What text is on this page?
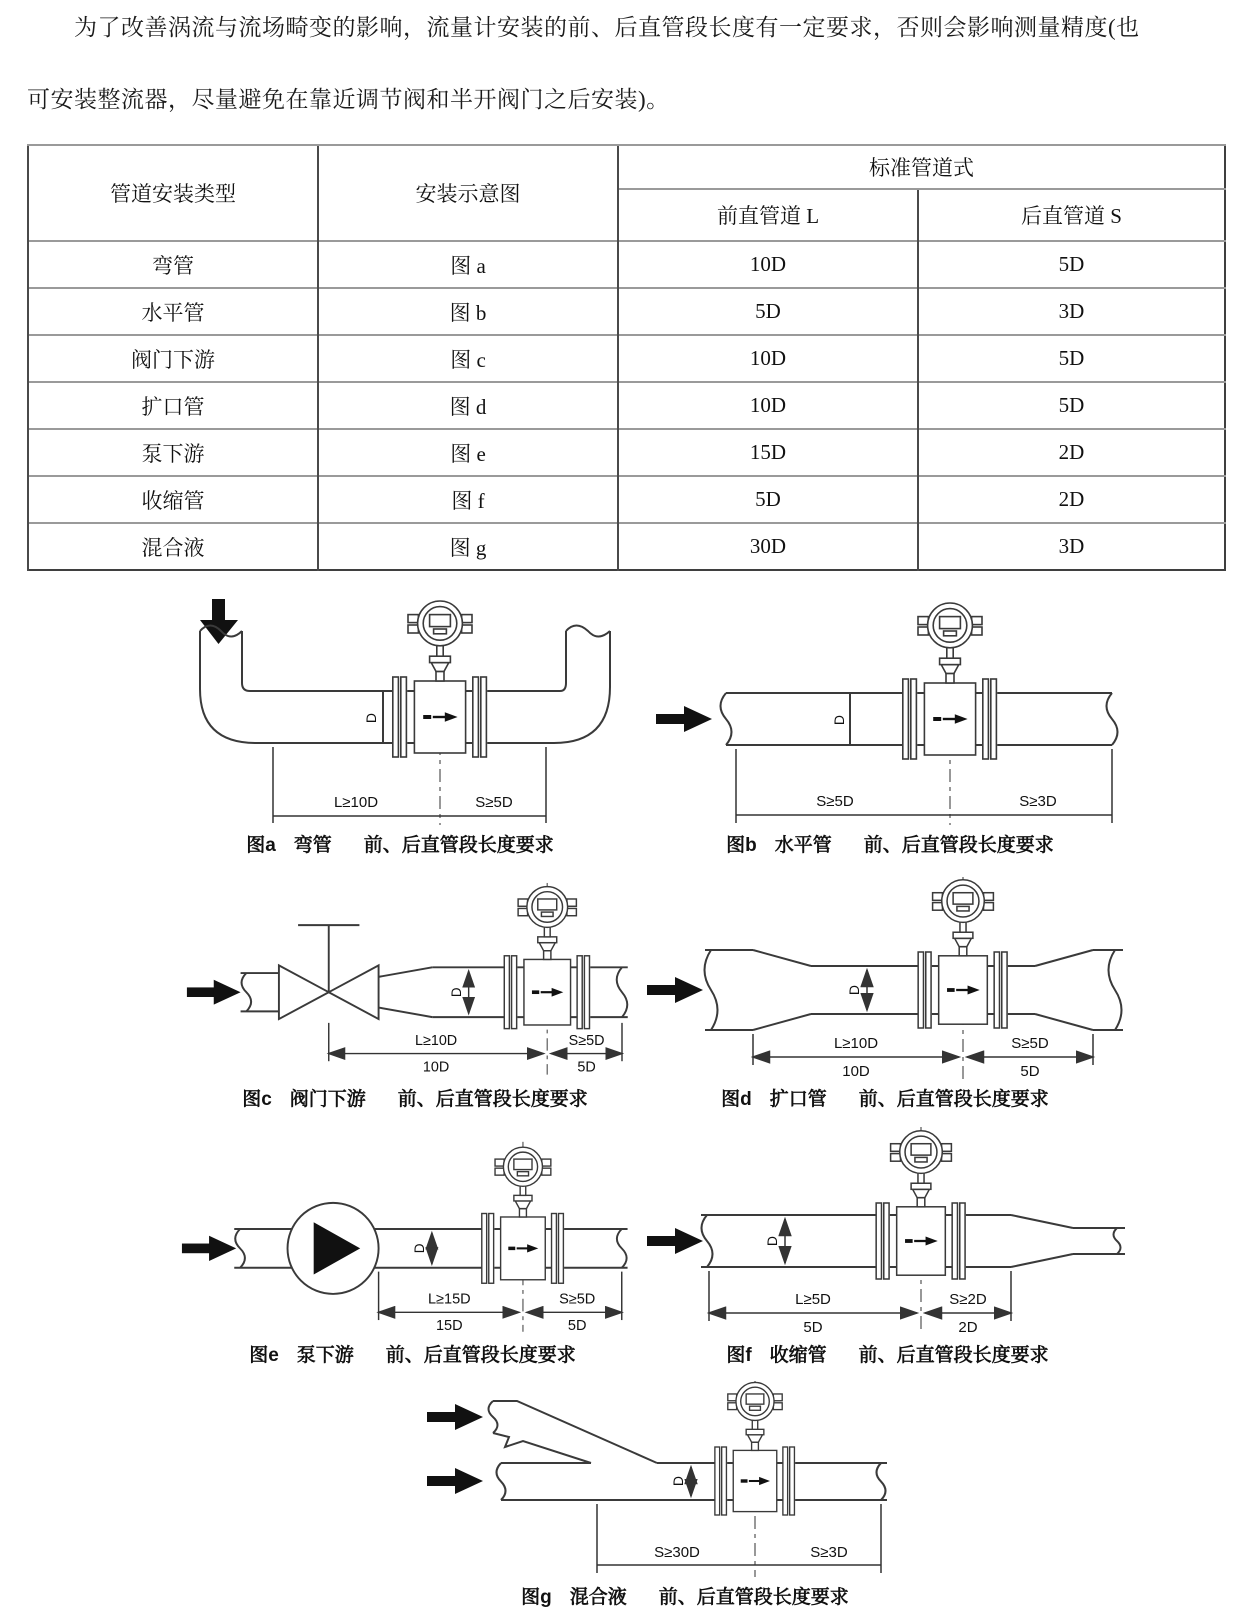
为了改善涡流与流场畸变的影响，流量计安装的前、后直管段长度有一定要求，否则会影响测量精度(也

可安装整流器，尽量避免在靠近调节阀和半开阀门之后安装)。

管道安装类型	安装示意图	标准管道式	
		前直管道 L	后直管道 S
弯管	图 a	10D	5D
水平管	图 b	5D	3D
阀门下游	图 c	10D	5D
扩口管	图 d	10D	5D
泵下游	图 e	15D	2D
收缩管	图 f	5D	2D
混合液	图 g	30D	3D
D
L≥10D	S≥5D
图a 弯管 前、后直管段长度要求
D
S≥5D	S≥3D
图b 水平管 前、后直管段长度要求
D
L≥10D	S≥5D
10D	5D
图c 阀门下游 前、后直管段长度要求
D
L≥10D	S≥5D
10D	5D
图d 扩口管 前、后直管段长度要求
D
L≥15D	S≥5D
15D	5D
图e 泵下游 前、后直管段长度要求
D
L≥5D	S≥2D
5D	2D
图f 收缩管 前、后直管段长度要求
D
S≥30D	S≥3D
图g 混合液 前、后直管段长度要求
